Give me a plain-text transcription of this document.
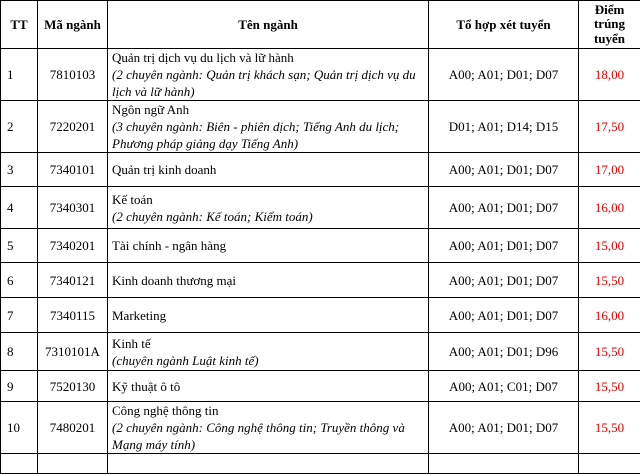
TT	Mã ngành	Tên ngành	Tổ hợp xét tuyển	Điểm
trúng
tuyển

1	7810103	Quản trị dịch vụ du lịch và lữ hành
(2 chuyên ngành: Quản trị khách sạn; Quản trị dịch vụ du lịch và lữ hành)	A00; A01; D01; D07	18,00
2	7220201	Ngôn ngữ Anh
(3 chuyên ngành: Biên - phiên dịch; Tiếng Anh du lịch; Phương pháp giảng dạy Tiếng Anh)	D01; A01; D14; D15	17,50
3	7340101	Quản trị kinh doanh	A00; A01; D01; D07	17,00
4	7340301	Kế toán
(2 chuyên ngành: Kế toán; Kiểm toán)	A00; A01; D01; D07	16,00
5	7340201	Tài chính - ngân hàng	A00; A01; D01; D07	15,00
6	7340121	Kinh doanh thương mại	A00; A01; D01; D07	15,50
7	7340115	Marketing	A00; A01; D01; D07	16,00
8	7310101A	Kinh tế
(chuyên ngành Luật kinh tế)	A00; A01; D01; D96	15,50
9	7520130	Kỹ thuật ô tô	A00; A01; C01; D07	15,50
10	7480201	Công nghệ thông tin
(2 chuyên ngành: Công nghệ thông tin; Truyền thông và Mạng máy tính)	A00; A01; D01; D07	15,50
